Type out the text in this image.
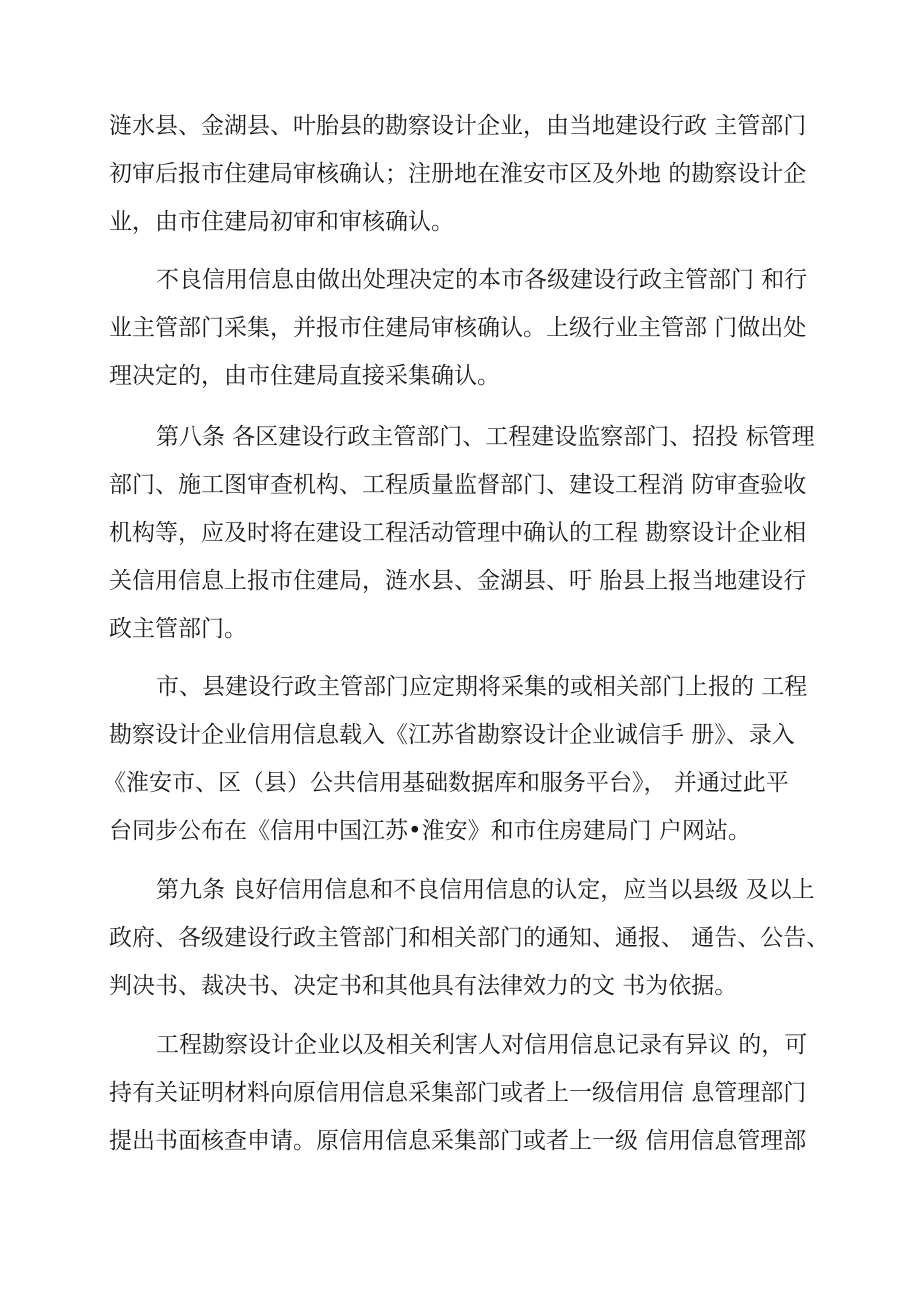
涟水县、金湖县、叶胎县的勘察设计企业，由当地建设行政 主管部门

初审后报市住建局审核确认；注册地在淮安市区及外地 的勘察设计企

业，由市住建局初审和审核确认。

不良信用信息由做出处理决定的本市各级建设行政主管部门 和行

业主管部门采集，并报市住建局审核确认。上级行业主管部 门做出处

理决定的，由市住建局直接采集确认。

第八条 各区建设行政主管部门、工程建设监察部门、招投 标管理

部门、施工图审查机构、工程质量监督部门、建设工程消 防审查验收

机构等，应及时将在建设工程活动管理中确认的工程 勘察设计企业相

关信用信息上报市住建局，涟水县、金湖县、吁 胎县上报当地建设行

政主管部门。

市、县建设行政主管部门应定期将采集的或相关部门上报的 工程

勘察设计企业信用信息载入《江苏省勘察设计企业诚信手 册》、录入

《淮安市、区（县）公共信用基础数据库和服务平台》， 并通过此平

台同步公布在《信用中国江苏•淮安》和市住房建局门 户网站。

第九条 良好信用信息和不良信用信息的认定，应当以县级 及以上

政府、各级建设行政主管部门和相关部门的通知、通报、 通告、公告、

判决书、裁决书、决定书和其他具有法律效力的文 书为依据。

工程勘察设计企业以及相关利害人对信用信息记录有异议 的，可

持有关证明材料向原信用信息采集部门或者上一级信用信 息管理部门

提出书面核查申请。原信用信息采集部门或者上一级 信用信息管理部
